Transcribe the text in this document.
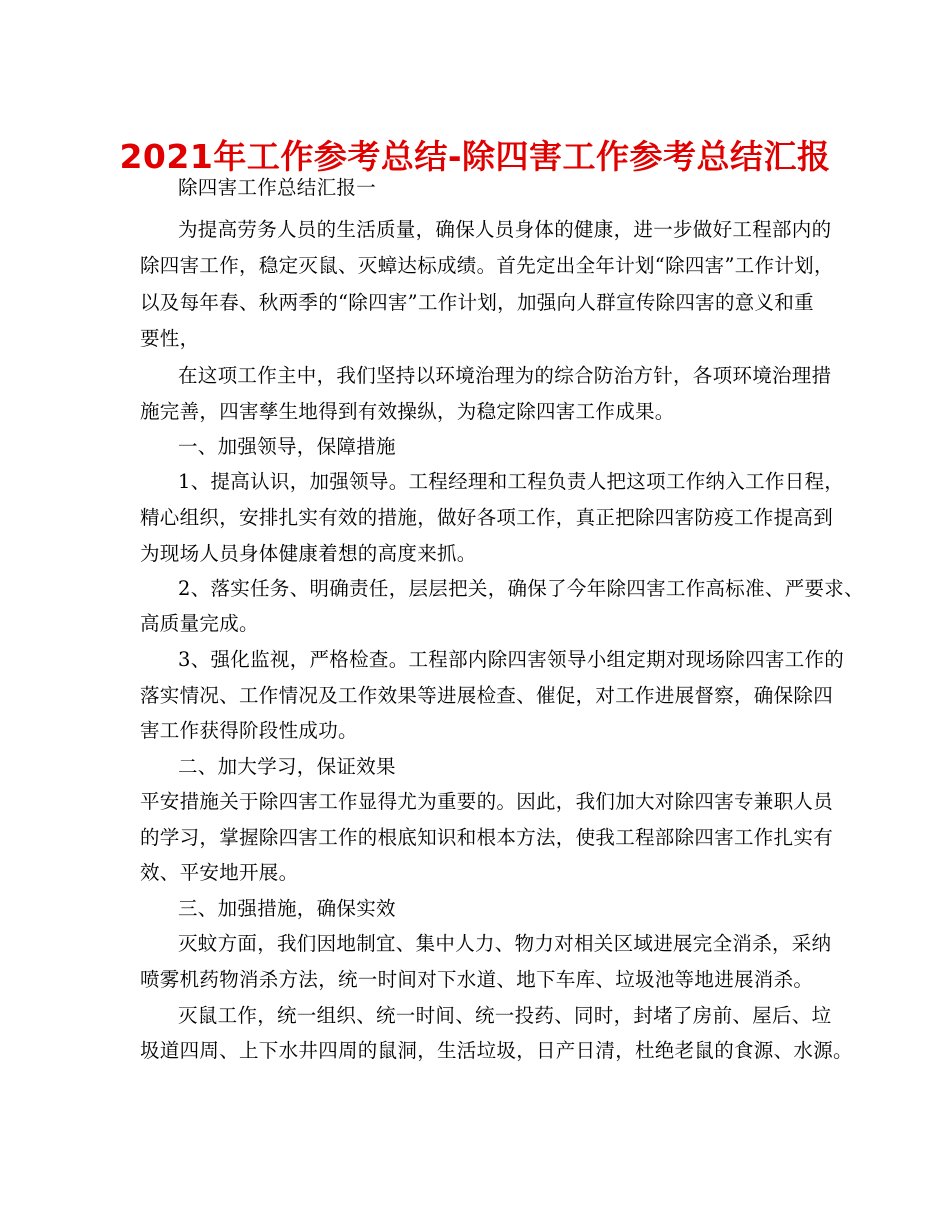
2021年工作参考总结-除四害工作参考总结汇报
除四害工作总结汇报一
为提高劳务人员的生活质量，确保人员身体的健康，进一步做好工程部内的
除四害工作，稳定灭鼠、灭蟑达标成绩。首先定出全年计划“除四害”工作计划，
以及每年春、秋两季的“除四害”工作计划，加强向人群宣传除四害的意义和重
要性，
在这项工作主中，我们坚持以环境治理为的综合防治方针，各项环境治理措
施完善，四害孳生地得到有效操纵，为稳定除四害工作成果。
一、加强领导，保障措施
1、提高认识，加强领导。工程经理和工程负责人把这项工作纳入工作日程，
精心组织，安排扎实有效的措施，做好各项工作，真正把除四害防疫工作提高到
为现场人员身体健康着想的高度来抓。
2、落实任务、明确责任，层层把关，确保了今年除四害工作高标准、严要求、
高质量完成。
3、强化监视，严格检查。工程部内除四害领导小组定期对现场除四害工作的
落实情况、工作情况及工作效果等进展检查、催促，对工作进展督察，确保除四
害工作获得阶段性成功。
二、加大学习，保证效果
平安措施关于除四害工作显得尤为重要的。因此，我们加大对除四害专兼职人员
的学习，掌握除四害工作的根底知识和根本方法，使我工程部除四害工作扎实有
效、平安地开展。
三、加强措施，确保实效
灭蚊方面，我们因地制宜、集中人力、物力对相关区域进展完全消杀，采纳
喷雾机药物消杀方法，统一时间对下水道、地下车库、垃圾池等地进展消杀。
灭鼠工作，统一组织、统一时间、统一投药、同时，封堵了房前、屋后、垃
圾道四周、上下水井四周的鼠洞，生活垃圾，日产日清，杜绝老鼠的食源、水源。
